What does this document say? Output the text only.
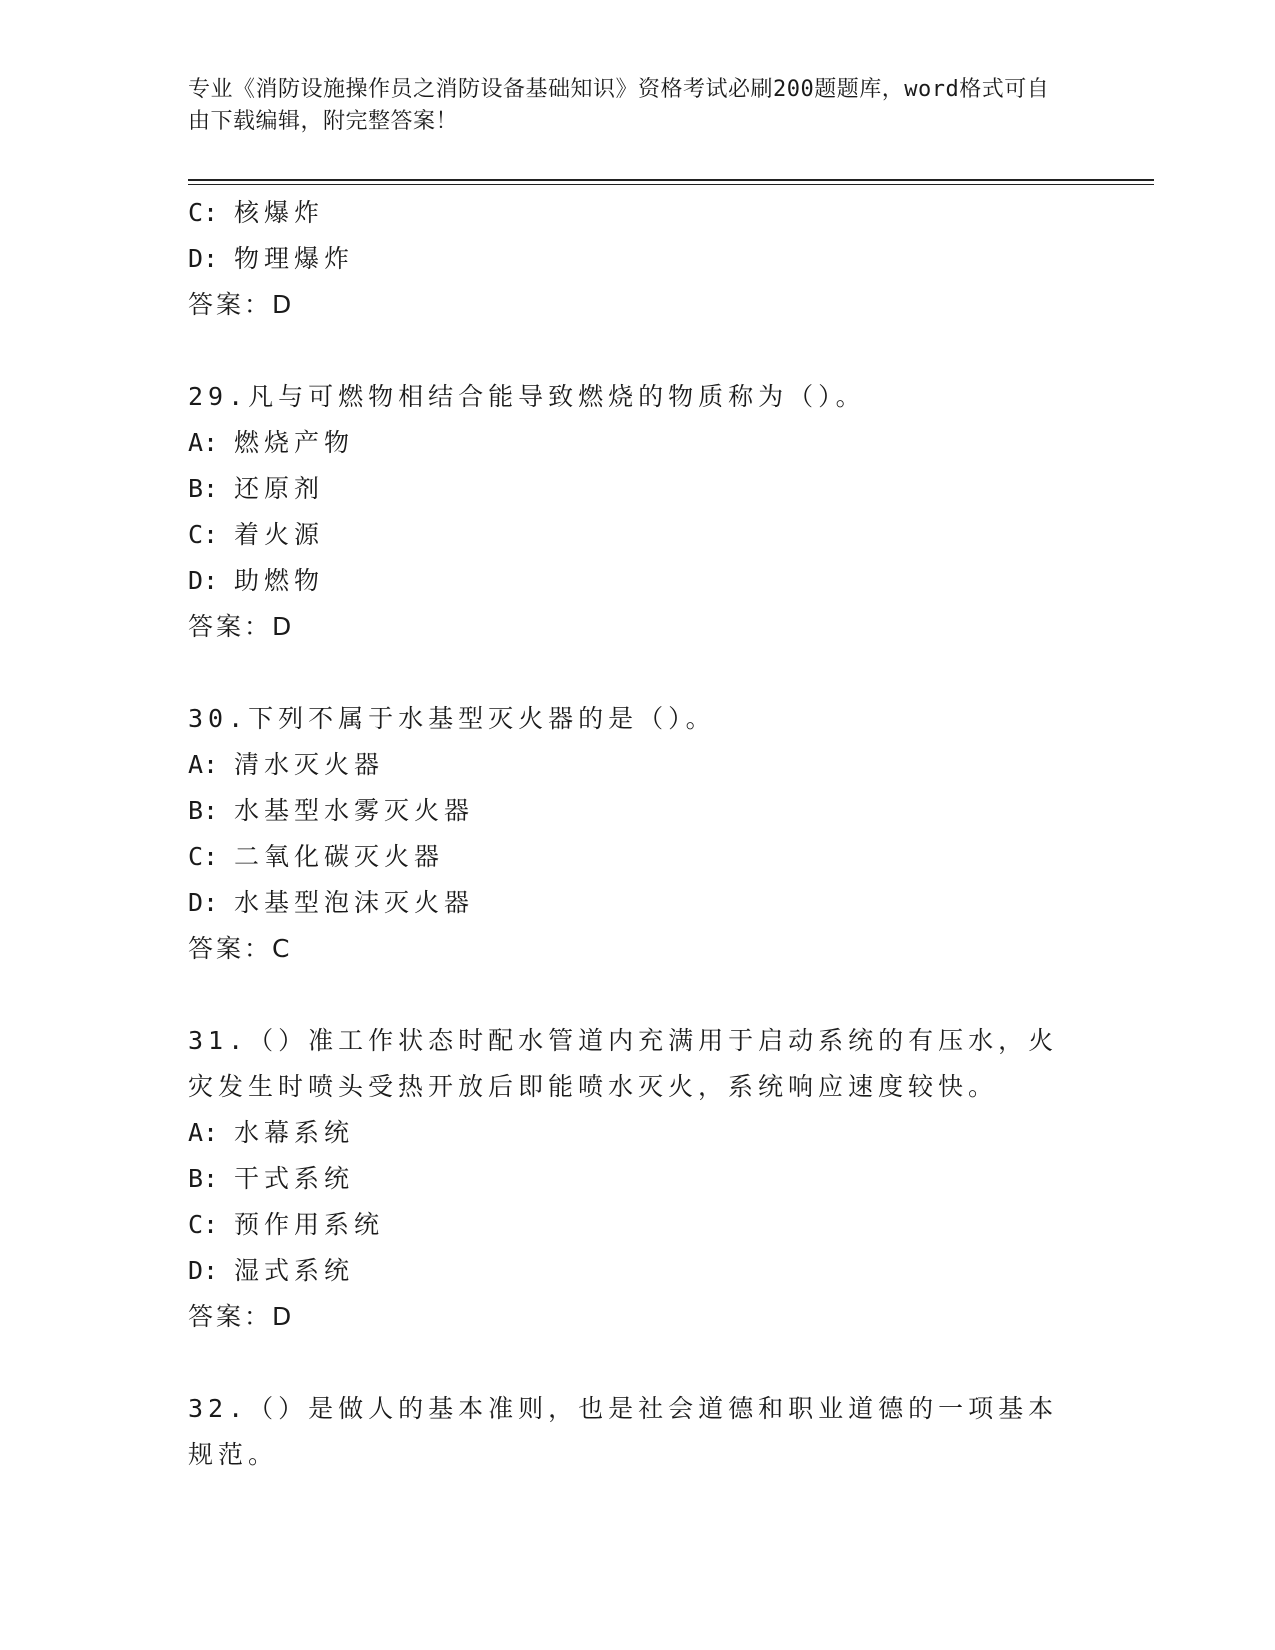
专业《消防设施操作员之消防设备基础知识》资格考试必刷200题题库，word格式可自由下载编辑，附完整答案！
C: 核爆炸
D: 物理爆炸
答案：D
29.凡与可燃物相结合能导致燃烧的物质称为（）。
A: 燃烧产物
B: 还原剂
C: 着火源
D: 助燃物
答案：D
30.下列不属于水基型灭火器的是（）。
A: 清水灭火器
B: 水基型水雾灭火器
C: 二氧化碳灭火器
D: 水基型泡沫灭火器
答案：C
31.（）准工作状态时配水管道内充满用于启动系统的有压水，火灾发生时喷头受热开放后即能喷水灭火，系统响应速度较快。
A: 水幕系统
B: 干式系统
C: 预作用系统
D: 湿式系统
答案：D
32.（）是做人的基本准则，也是社会道德和职业道德的一项基本规范。
